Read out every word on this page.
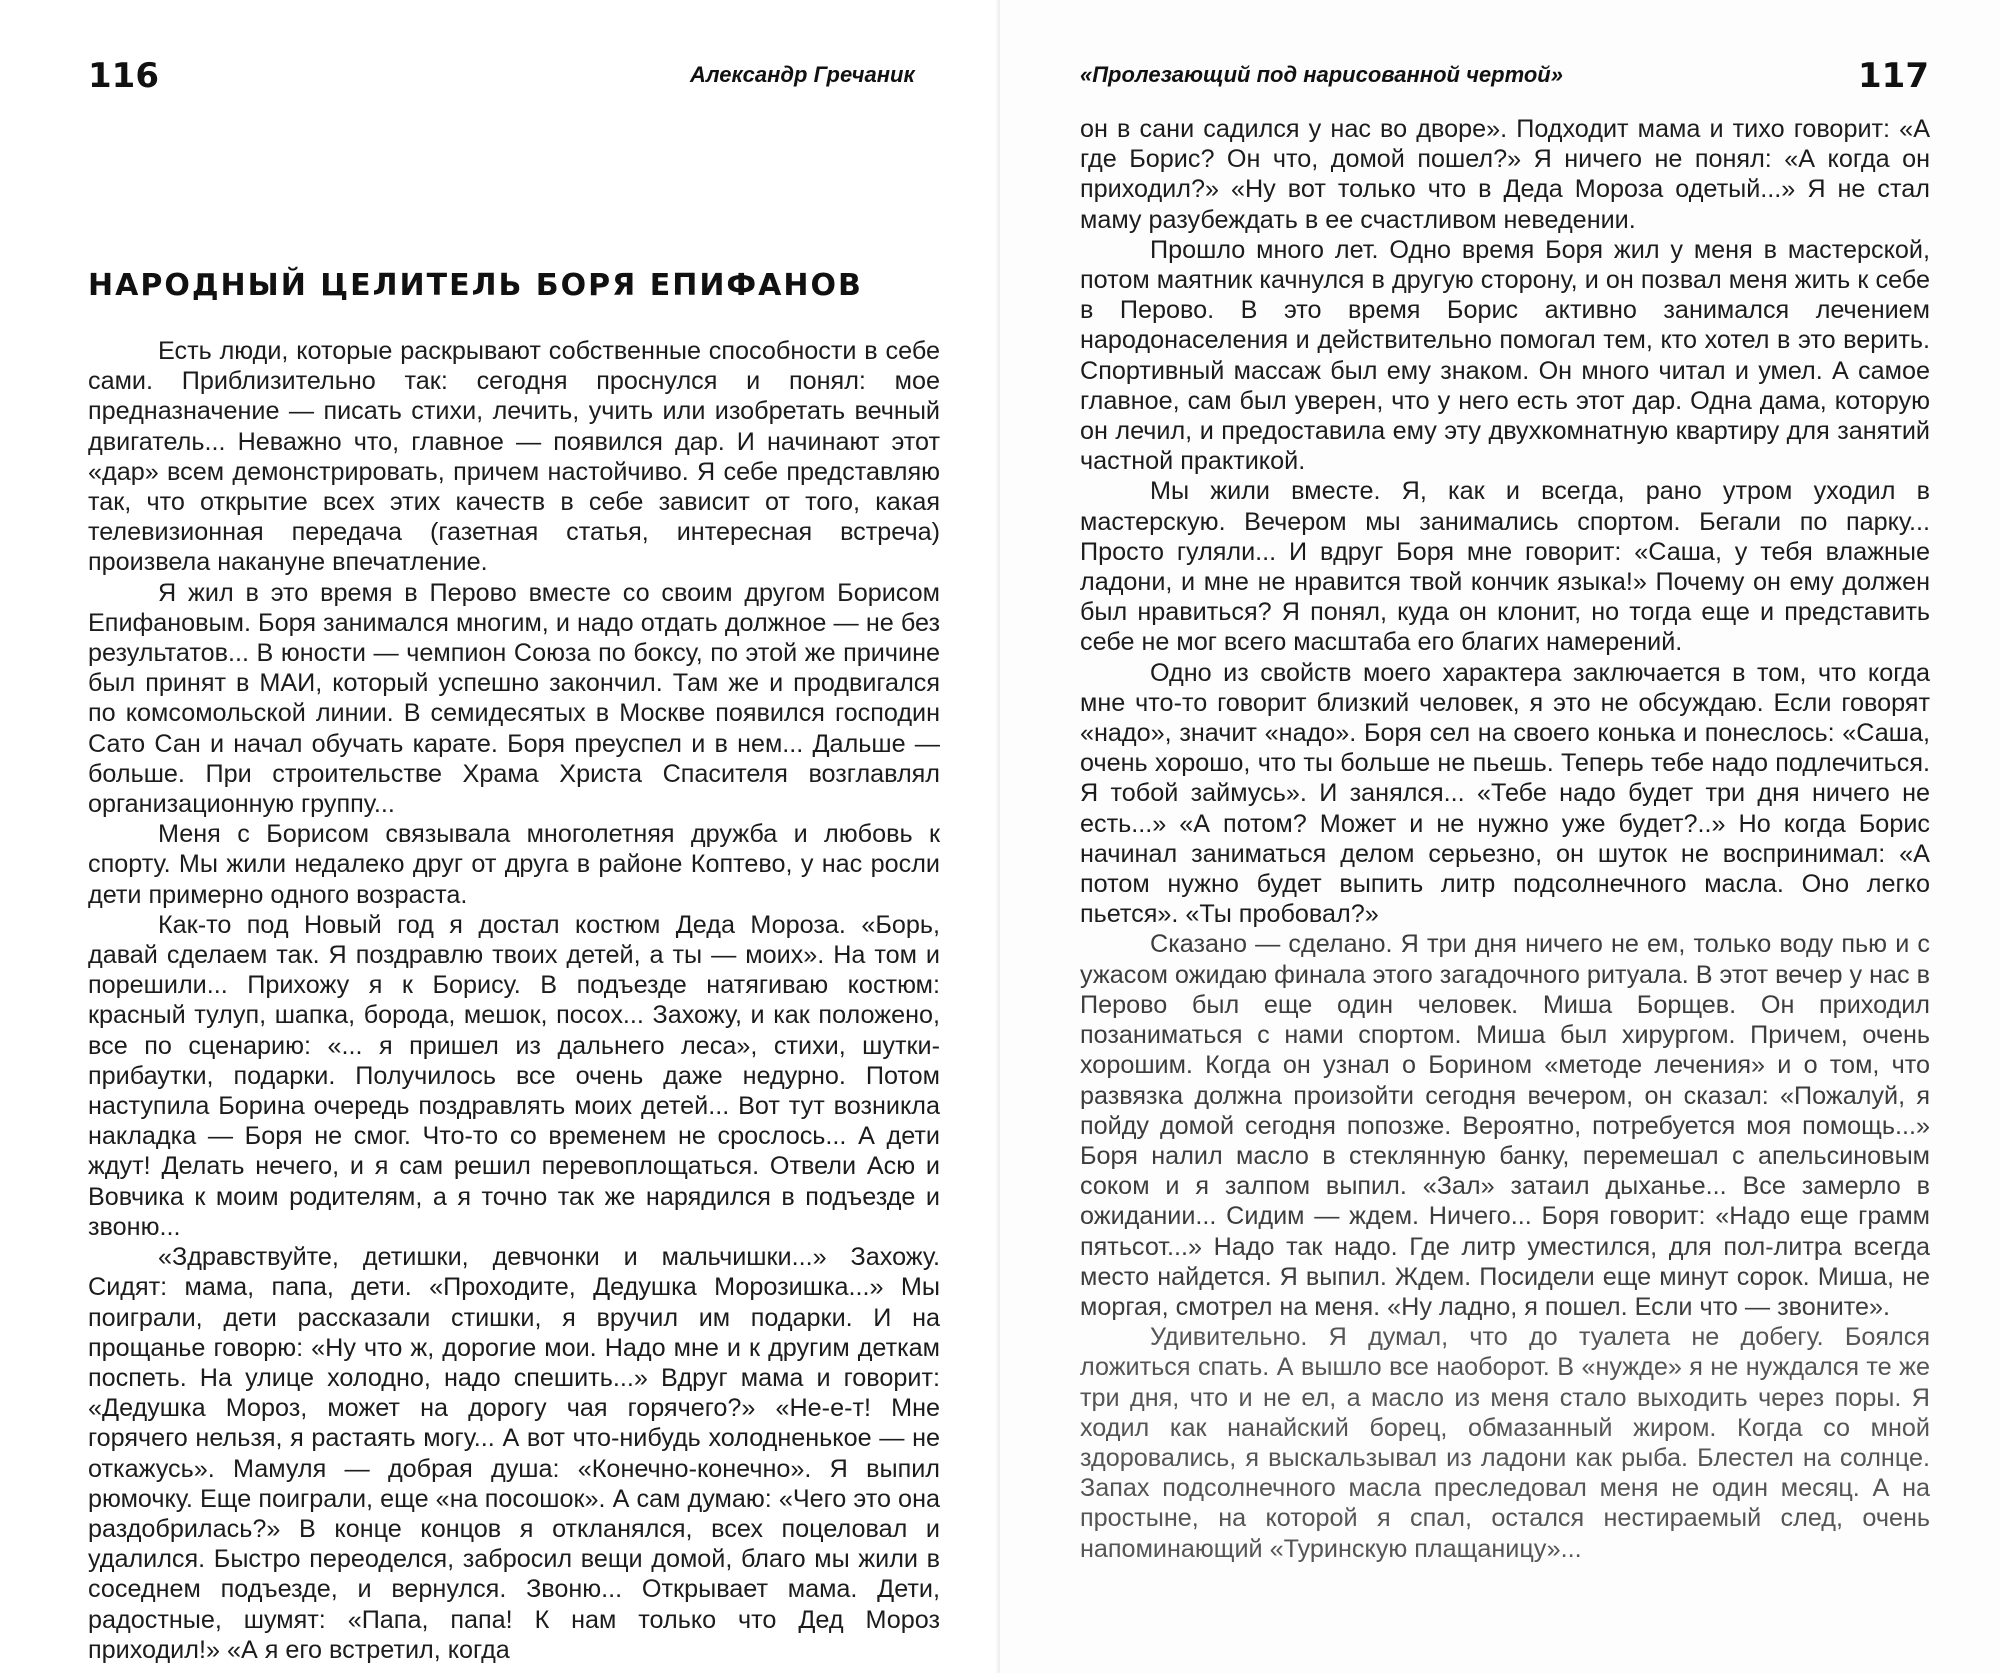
116	Александр Гречаник
НАРОДНЫЙ ЦЕЛИТЕЛЬ БОРЯ ЕПИФАНОВ

Есть люди, которые раскрывают собственные способности в себе сами. Приблизительно так: сегодня проснулся и понял: мое предназначение — писать стихи, лечить, учить или изобретать вечный двигатель... Неважно что, главное — появился дар. И начинают этот «дар» всем демонстрировать, причем настойчиво. Я себе представляю так, что открытие всех этих качеств в себе зависит от того, какая телевизионная передача (газетная статья, интересная встреча) произвела накануне впечатление.

Я жил в это время в Перово вместе со своим другом Борисом Епифановым. Боря занимался многим, и надо отдать должное — не без результатов... В юности — чемпион Союза по боксу, по этой же причине был принят в МАИ, который успешно закончил. Там же и продвигался по комсомольской линии. В семидесятых в Москве появился господин Сато Сан и начал обучать карате. Боря преуспел и в нем... Дальше — больше. При строительстве Храма Христа Спасителя возглавлял организационную группу...

Меня с Борисом связывала многолетняя дружба и любовь к спорту. Мы жили недалеко друг от друга в районе Коптево, у нас росли дети примерно одного возраста.

Как-то под Новый год я достал костюм Деда Мороза. «Борь, давай сделаем так. Я поздравлю твоих детей, а ты — моих». На том и порешили... Прихожу я к Борису. В подъезде натягиваю костюм: красный тулуп, шапка, борода, мешок, посох... Захожу, и как положено, все по сценарию: «... я пришел из дальнего леса», стихи, шутки-прибаутки, подарки. Получилось все очень даже недурно. Потом наступила Борина очередь поздравлять моих детей... Вот тут возникла накладка — Боря не смог. Что-то со временем не срослось... А дети ждут! Делать нечего, и я сам решил перевоплощаться. Отвели Асю и Вовчика к моим родителям, а я точно так же нарядился в подъезде и звоню...

«Здравствуйте, детишки, девчонки и мальчишки...» Захожу. Сидят: мама, папа, дети. «Проходите, Дедушка Морозишка...» Мы поиграли, дети рассказали стишки, я вручил им подарки. И на прощанье говорю: «Ну что ж, дорогие мои. Надо мне и к другим деткам поспеть. На улице холодно, надо спешить...» Вдруг мама и говорит: «Дедушка Мороз, может на дорогу чая горячего?» «Не-е-т! Мне горячего нельзя, я растаять могу... А вот что-нибудь холодненькое — не откажусь». Мамуля — добрая душа: «Конечно-конечно». Я выпил рюмочку. Еще поиграли, еще «на посошок». А сам думаю: «Чего это она раздобрилась?» В конце концов я откланялся, всех поцеловал и удалился. Быстро переоделся, забросил вещи домой, благо мы жили в соседнем подъезде, и вернулся. Звоню... Открывает мама. Дети, радостные, шумят: «Папа, папа! К нам только что Дед Мороз приходил!» «А я его встретил, когда

«Пролезающий под нарисованной чертой»	117

он в сани садился у нас во дворе». Подходит мама и тихо говорит: «А где Борис? Он что, домой пошел?» Я ничего не понял: «А когда он приходил?» «Ну вот только что в Деда Мороза одетый...» Я не стал маму разубеждать в ее счастливом неведении.

Прошло много лет. Одно время Боря жил у меня в мастерской, потом маятник качнулся в другую сторону, и он позвал меня жить к себе в Перово. В это время Борис активно занимался лечением народонаселения и действительно помогал тем, кто хотел в это верить. Спортивный массаж был ему знаком. Он много читал и умел. А самое главное, сам был уверен, что у него есть этот дар. Одна дама, которую он лечил, и предоставила ему эту двухкомнатную квартиру для занятий частной практикой.

Мы жили вместе. Я, как и всегда, рано утром уходил в мастерскую. Вечером мы занимались спортом. Бегали по парку... Просто гуляли... И вдруг Боря мне говорит: «Саша, у тебя влажные ладони, и мне не нравится твой кончик языка!» Почему он ему должен был нравиться? Я понял, куда он клонит, но тогда еще и представить себе не мог всего масштаба его благих намерений.

Одно из свойств моего характера заключается в том, что когда мне что-то говорит близкий человек, я это не обсуждаю. Если говорят «надо», значит «надо». Боря сел на своего конька и понеслось: «Саша, очень хорошо, что ты больше не пьешь. Теперь тебе надо подлечиться. Я тобой займусь». И занялся... «Тебе надо будет три дня ничего не есть...» «А потом? Может и не нужно уже будет?..» Но когда Борис начинал заниматься делом серьезно, он шуток не воспринимал: «А потом нужно будет выпить литр подсолнечного масла. Оно легко пьется». «Ты пробовал?»

Сказано — сделано. Я три дня ничего не ем, только воду пью и с ужасом ожидаю финала этого загадочного ритуала. В этот вечер у нас в Перово был еще один человек. Миша Борщев. Он приходил позаниматься с нами спортом. Миша был хирургом. Причем, очень хорошим. Когда он узнал о Борином «методе лечения» и о том, что развязка должна произойти сегодня вечером, он сказал: «Пожалуй, я пойду домой сегодня попозже. Вероятно, потребуется моя помощь...» Боря налил масло в стеклянную банку, перемешал с апельсиновым соком и я залпом выпил. «Зал» затаил дыханье... Все замерло в ожидании... Сидим — ждем. Ничего... Боря говорит: «Надо еще грамм пятьсот...» Надо так надо. Где литр уместился, для пол-литра всегда место найдется. Я выпил. Ждем. Посидели еще минут сорок. Миша, не моргая, смотрел на меня. «Ну ладно, я пошел. Если что — звоните».

Удивительно. Я думал, что до туалета не добегу. Боялся ложиться спать. А вышло все наоборот. В «нужде» я не нуждался те же три дня, что и не ел, а масло из меня стало выходить через поры. Я ходил как нанайский борец, обмазанный жиром. Когда со мной здоровались, я выскальзывал из ладони как рыба. Блестел на солнце. Запах подсолнечного масла преследовал меня не один месяц. А на простыне, на которой я спал, остался нестираемый след, очень напоминающий «Туринскую плащаницу»...
